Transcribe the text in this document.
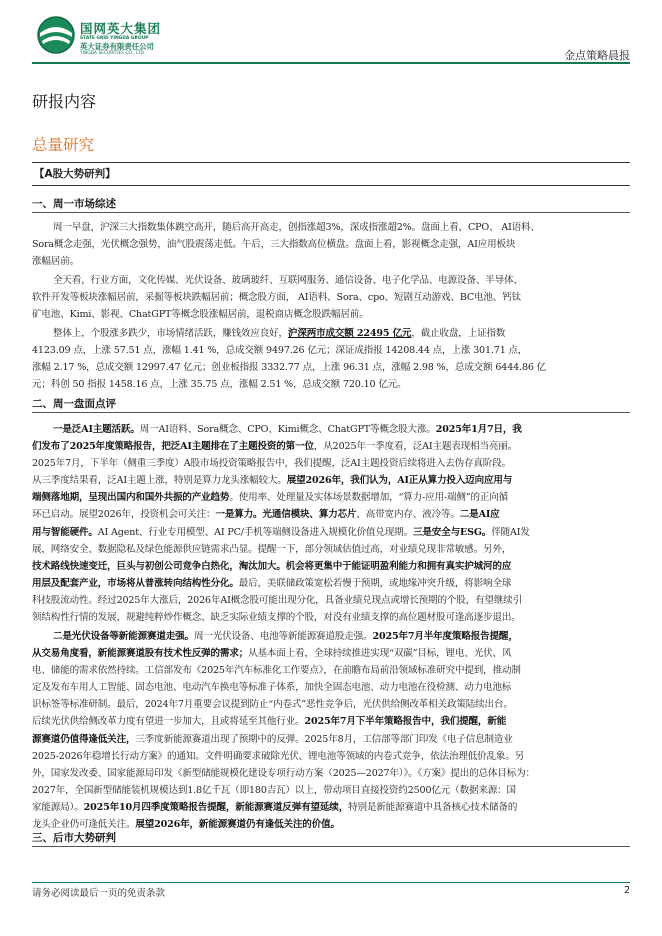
国网英大集团
STATE GRID YINGDA GROUP
英大证券有限责任公司
YINGDA SECURITIES CO., LTD.	金点策略晨报
研报内容
总量研究
【A股大势研判】
一、周一市场综述
周一早盘，沪深三大指数集体跳空高开，随后高开高走，创指涨超3%，深成指涨超2%。盘面上看，CPO、 AI语料、
Sora概念走强，光伏概念强势，油气股震荡走低。午后，三大指数高位横盘。盘面上看，影视概念走强，AI应用板块
涨幅居前。
全天看，行业方面，文化传媒、光伏设备、玻璃玻纤、互联网服务、通信设备、电子化学品、电源设备、半导体、
软件开发等板块涨幅居前，采掘等板块跌幅居前；概念股方面， AI语料、Sora、cpo、短剧互动游戏、BC电池、钙钛
矿电池、Kimi、影视、ChatGPT等概念股涨幅居前，退税商店概念股跌幅居前。
整体上，个股涨多跌少，市场情绪活跃，赚钱效应良好，沪深两市成交额 22495 亿元，截止收盘，上证指数
4123.09 点，上涨 57.51 点，涨幅 1.41 %，总成交额 9497.26 亿元；深证成指报 14208.44 点，上涨 301.71 点，
涨幅 2.17 %，总成交额 12997.47 亿元；创业板指报 3332.77 点，上涨 96.31 点，涨幅 2.98 %，总成交额 6444.86 亿
元；科创 50 指报 1458.16 点，上涨 35.75 点，涨幅 2.51 %，总成交额 720.10 亿元。
二、周一盘面点评
一是泛AI主题活跃。周一AI语料、Sora概念、CPO、Kimi概念、ChatGPT等概念股大涨。2025年1月7日，我
们发布了2025年度策略报告，把泛AI主题排在了主题投资的第一位，从2025年一季度看，泛AI主题表现相当亮丽。
2025年7月，下半年（侧重三季度）A股市场投资策略报告中，我们提醒，泛AI主题投资后续将进入去伪存真阶段。
从三季度结果看，泛AI主题上涨，特别是算力龙头涨幅较大。展望2026年，我们认为，AI正从算力投入迈向应用与
端侧落地期，呈现出国内和国外共振的产业趋势。使用率、处理量及实体场景数据增加，“算力-应用-端侧”的正向循
环已启动。展望2026年，投资机会可关注：一是算力。光通信模块、算力芯片、高带宽内存、液冷等。二是AI应
用与智能硬件。AI Agent、行业专用模型、AI PC/手机等端侧设备进入规模化价值兑现期。三是安全与ESG。伴随AI发
展，网络安全、数据隐私及绿色能源供应链需求凸显。提醒一下，部分领域估值过高，对业绩兑现非常敏感。另外，
技术路线快速变迁，巨头与初创公司竞争白热化，淘汰加大。机会将更集中于能证明盈利能力和拥有真实护城河的应
用层及配套产业，市场将从普涨转向结构性分化。最后，美联储政策宽松若慢于预期，或地缘冲突升级，将影响全球
科技股流动性。经过2025年大涨后，2026年AI概念股可能出现分化，具备业绩兑现点或增长预期的个股，有望继续引
领结构性行情的发展，规避纯粹炒作概念、缺乏实际业绩支撑的个股，对没有业绩支撑的高位题材股可逢高逐步退出。
二是光伏设备等新能源赛道走强。周一光伏设备、电池等新能源赛道股走强。2025年7月半年度策略报告提醒，
从交易角度看，新能源赛道股有技术性反弹的需求；从基本面上看，全球持续推进实现“双碳”目标，锂电、光伏、风
电、储能的需求依然持续。工信部发布《2025年汽车标准化工作要点》，在前瞻布局前沿领域标准研究中提到，推动制
定及发布车用人工智能、固态电池、电动汽车换电等标准子体系，加快全固态电池、动力电池在役检测、动力电池标
识标签等标准研制。最后，2024年7月重要会议提到防止“内卷式”恶性竞争后，光伏供给侧改革相关政策陆续出台。
后续光伏供给侧改革力度有望进一步加大，且或将延至其他行业。2025年7月下半年策略报告中，我们提醒，新能
源赛道仍值得逢低关注，三季度新能源赛道出现了预期中的反弹。2025年8月，工信部等部门印发《电子信息制造业
2025-2026年稳增长行动方案》的通知。文件明确要求破除光伏、锂电池等领域的内卷式竞争，依法治理低价乱象。另
外，国家发改委、国家能源局印发《新型储能规模化建设专项行动方案（2025—2027年）》。《方案》提出的总体目标为：
2027年，全国新型储能装机规模达到1.8亿千瓦（即180吉瓦）以上，带动项目直接投资约2500亿元（数据来源：国
家能源局）。2025年10月四季度策略报告提醒，新能源赛道反弹有望延续，特别是新能源赛道中具备核心技术储备的
龙头企业仍可逢低关注。展望2026年，新能源赛道仍有逢低关注的价值。
三、后市大势研判
请务必阅读最后一页的免责条款	2
